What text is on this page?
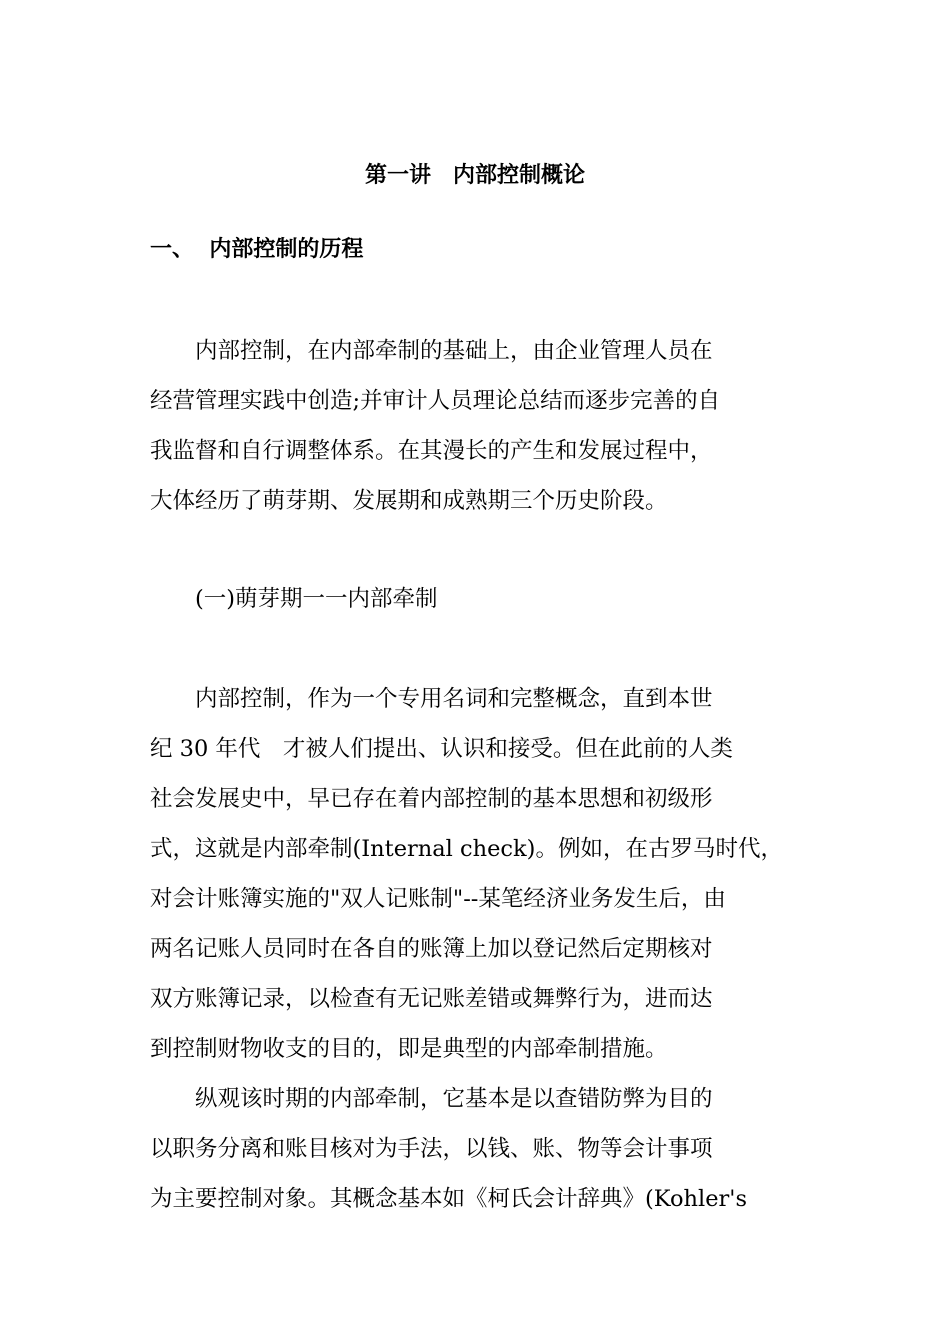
第一讲　内部控制概论
一、  内部控制的历程
内部控制，在内部牵制的基础上，由企业管理人员在
经营管理实践中创造;并审计人员理论总结而逐步完善的自
我监督和自行调整体系。在其漫长的产生和发展过程中，
大体经历了萌芽期、发展期和成熟期三个历史阶段。
(一)萌芽期一一内部牵制
内部控制，作为一个专用名词和完整概念，直到本世
纪 30 年代　才被人们提出、认识和接受。但在此前的人类
社会发展史中，早已存在着内部控制的基本思想和初级形
式，这就是内部牵制(Internal check)。例如，在古罗马时代，
对会计账簿实施的"双人记账制"--某笔经济业务发生后，由
两名记账人员同时在各自的账簿上加以登记然后定期核对
双方账簿记录，以检查有无记账差错或舞弊行为，进而达
到控制财物收支的目的，即是典型的内部牵制措施。
纵观该时期的内部牵制，它基本是以查错防弊为目的
以职务分离和账目核对为手法，以钱、账、物等会计事项
为主要控制对象。其概念基本如《柯氏会计辞典》(Kohler's
